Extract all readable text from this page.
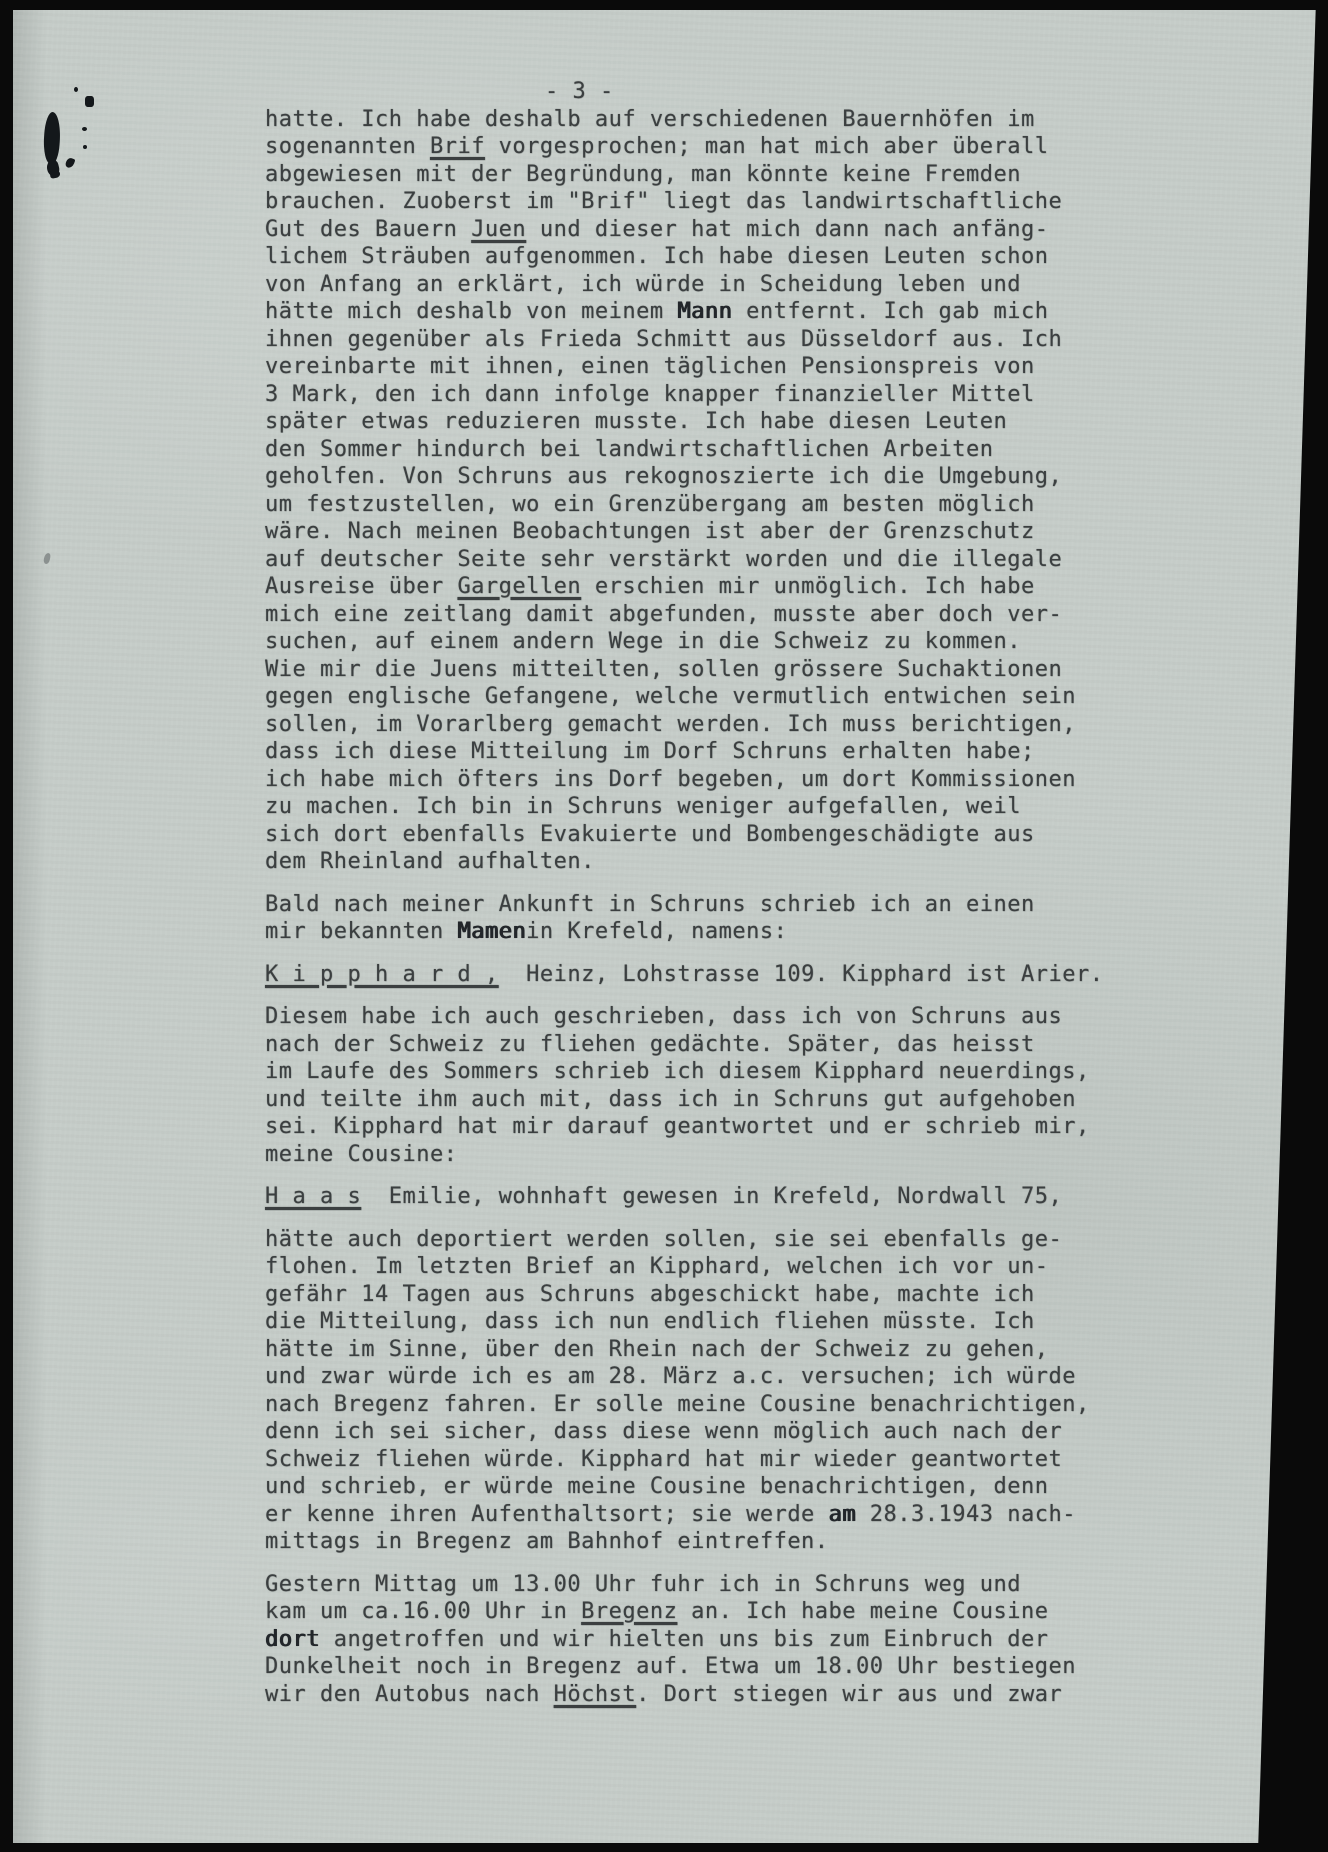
- 3 -
hatte. Ich habe deshalb auf verschiedenen Bauernhöfen im
sogenannten Brif vorgesprochen; man hat mich aber überall
abgewiesen mit der Begründung, man könnte keine Fremden
brauchen. Zuoberst im "Brif" liegt das landwirtschaftliche
Gut des Bauern Juen und dieser hat mich dann nach anfäng-
lichem Sträuben aufgenommen. Ich habe diesen Leuten schon
von Anfang an erklärt, ich würde in Scheidung leben und
hätte mich deshalb von meinem Mann entfernt. Ich gab mich
ihnen gegenüber als Frieda Schmitt aus Düsseldorf aus. Ich
vereinbarte mit ihnen, einen täglichen Pensionspreis von
3 Mark, den ich dann infolge knapper finanzieller Mittel
später etwas reduzieren musste. Ich habe diesen Leuten
den Sommer hindurch bei landwirtschaftlichen Arbeiten
geholfen. Von Schruns aus rekognoszierte ich die Umgebung,
um festzustellen, wo ein Grenzübergang am besten möglich
wäre. Nach meinen Beobachtungen ist aber der Grenzschutz
auf deutscher Seite sehr verstärkt worden und die illegale
Ausreise über Gargellen erschien mir unmöglich. Ich habe
mich eine zeitlang damit abgefunden, musste aber doch ver-
suchen, auf einem andern Wege in die Schweiz zu kommen.
Wie mir die Juens mitteilten, sollen grössere Suchaktionen
gegen englische Gefangene, welche vermutlich entwichen sein
sollen, im Vorarlberg gemacht werden. Ich muss berichtigen,
dass ich diese Mitteilung im Dorf Schruns erhalten habe;
ich habe mich öfters ins Dorf begeben, um dort Kommissionen
zu machen. Ich bin in Schruns weniger aufgefallen, weil
sich dort ebenfalls Evakuierte und Bombengeschädigte aus
dem Rheinland aufhalten.
Bald nach meiner Ankunft in Schruns schrieb ich an einen
mir bekannten Mamenin Krefeld, namens:
K i p p h a r d ,  Heinz, Lohstrasse 109. Kipphard ist Arier.
Diesem habe ich auch geschrieben, dass ich von Schruns aus
nach der Schweiz zu fliehen gedächte. Später, das heisst
im Laufe des Sommers schrieb ich diesem Kipphard neuerdings,
und teilte ihm auch mit, dass ich in Schruns gut aufgehoben
sei. Kipphard hat mir darauf geantwortet und er schrieb mir,
meine Cousine:
H a a s  Emilie, wohnhaft gewesen in Krefeld, Nordwall 75,
hätte auch deportiert werden sollen, sie sei ebenfalls ge-
flohen. Im letzten Brief an Kipphard, welchen ich vor un-
gefähr 14 Tagen aus Schruns abgeschickt habe, machte ich
die Mitteilung, dass ich nun endlich fliehen müsste. Ich
hätte im Sinne, über den Rhein nach der Schweiz zu gehen,
und zwar würde ich es am 28. März a.c. versuchen; ich würde
nach Bregenz fahren. Er solle meine Cousine benachrichtigen,
denn ich sei sicher, dass diese wenn möglich auch nach der
Schweiz fliehen würde. Kipphard hat mir wieder geantwortet
und schrieb, er würde meine Cousine benachrichtigen, denn
er kenne ihren Aufenthaltsort; sie werde am 28.3.1943 nach-
mittags in Bregenz am Bahnhof eintreffen.
Gestern Mittag um 13.00 Uhr fuhr ich in Schruns weg und
kam um ca.16.00 Uhr in Bregenz an. Ich habe meine Cousine
dort angetroffen und wir hielten uns bis zum Einbruch der
Dunkelheit noch in Bregenz auf. Etwa um 18.00 Uhr bestiegen
wir den Autobus nach Höchst. Dort stiegen wir aus und zwar
